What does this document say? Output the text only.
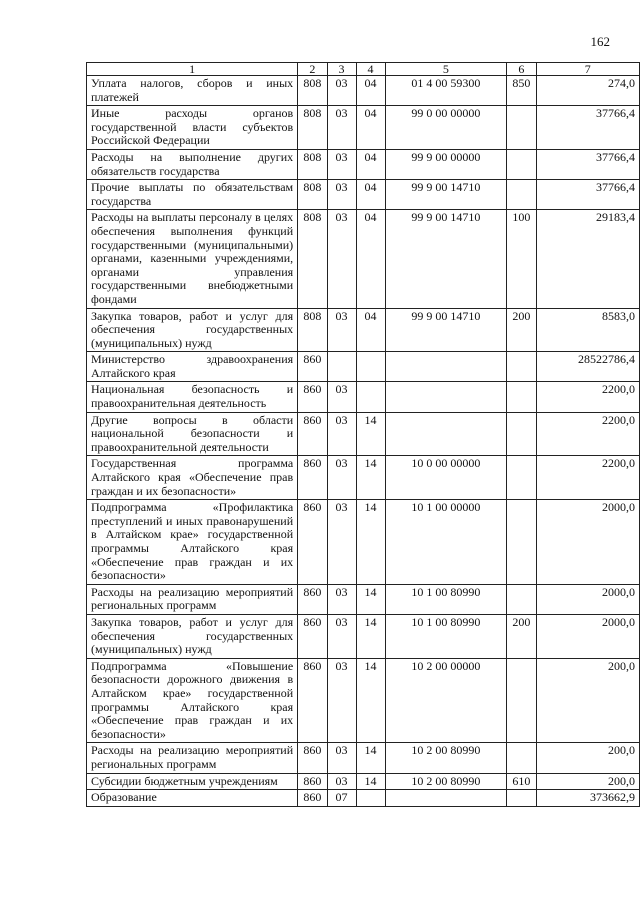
162
1	2	3	4	5	6	7
Уплата налогов, сборов и иных платежей	808	03	04	01 4 00 59300	850	274,0
Иные расходы органов государственной власти субъектов Российской Федерации	808	03	04	99 0 00 00000		37766,4
Расходы на выполнение других обязательств государства	808	03	04	99 9 00 00000		37766,4
Прочие выплаты по обязательствам государства	808	03	04	99 9 00 14710		37766,4
Расходы на выплаты персоналу в целях обеспечения выполнения функций государственными (муниципальными) органами, казенными учреждениями, органами управления государственными внебюджетными фондами	808	03	04	99 9 00 14710	100	29183,4
Закупка товаров, работ и услуг для обеспечения государственных (муниципальных) нужд	808	03	04	99 9 00 14710	200	8583,0
Министерство здравоохранения Алтайского края	860					28522786,4
Национальная безопасность и правоохранительная деятельность	860	03				2200,0
Другие вопросы в области национальной безопасности и правоохранительной деятельности	860	03	14			2200,0
Государственная программа Алтайского края «Обеспечение прав граждан и их безопасности»	860	03	14	10 0 00 00000		2200,0
Подпрограмма «Профилактика преступлений и иных правонарушений в Алтайском крае» государственной программы Алтайского края «Обеспечение прав граждан и их безопасности»	860	03	14	10 1 00 00000		2000,0
Расходы на реализацию мероприятий региональных программ	860	03	14	10 1 00 80990		2000,0
Закупка товаров, работ и услуг для обеспечения государственных (муниципальных) нужд	860	03	14	10 1 00 80990	200	2000,0
Подпрограмма «Повышение безопасности дорожного движения в Алтайском крае» государственной программы Алтайского края «Обеспечение прав граждан и их безопасности»	860	03	14	10 2 00 00000		200,0
Расходы на реализацию мероприятий региональных программ	860	03	14	10 2 00 80990		200,0
Субсидии бюджетным учреждениям	860	03	14	10 2 00 80990	610	200,0
Образование	860	07				373662,9
